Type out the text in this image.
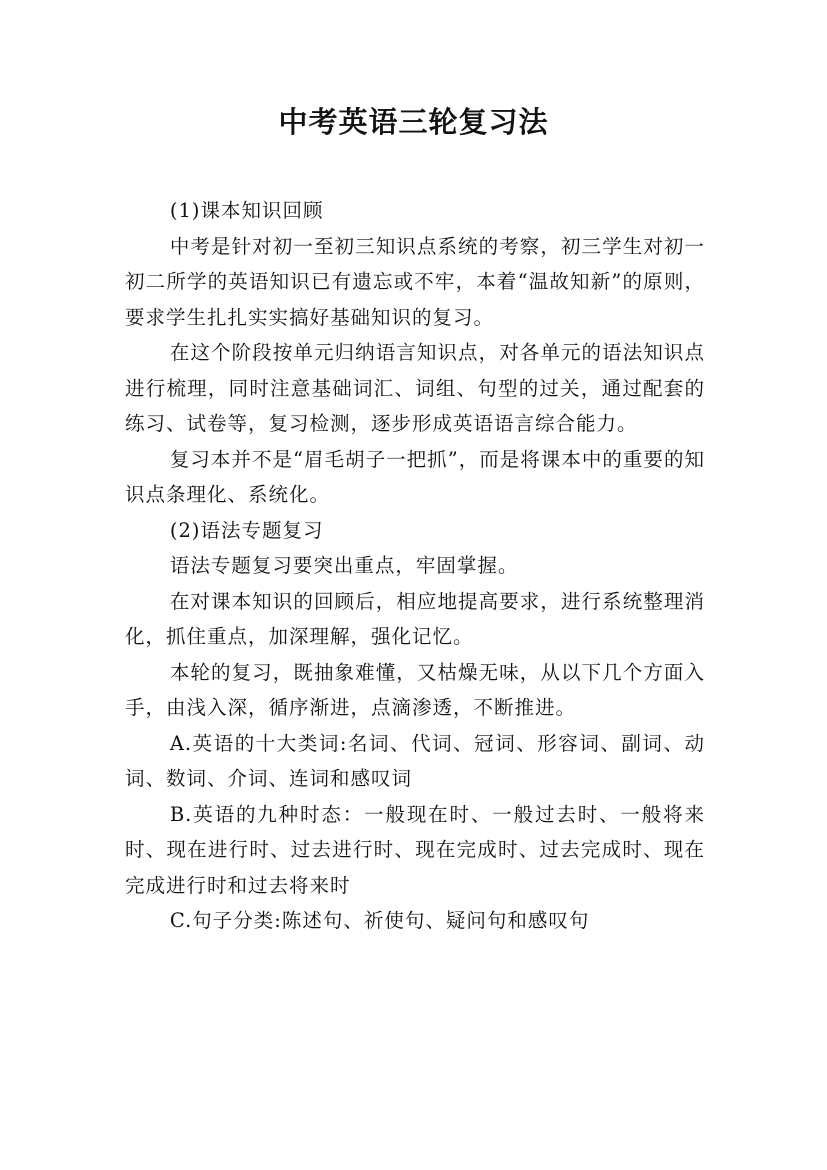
中考英语三轮复习法

(1)课本知识回顾

中考是针对初一至初三知识点系统的考察，初三学生对初一初二所学的英语知识已有遗忘或不牢，本着“温故知新”的原则，要求学生扎扎实实搞好基础知识的复习。

在这个阶段按单元归纳语言知识点，对各单元的语法知识点进行梳理，同时注意基础词汇、词组、句型的过关，通过配套的练习、试卷等，复习检测，逐步形成英语语言综合能力。

复习本并不是“眉毛胡子一把抓”，而是将课本中的重要的知识点条理化、系统化。

(2)语法专题复习

语法专题复习要突出重点，牢固掌握。

在对课本知识的回顾后，相应地提高要求，进行系统整理消化，抓住重点，加深理解，强化记忆。

本轮的复习，既抽象难懂，又枯燥无味，从以下几个方面入手，由浅入深，循序渐进，点滴渗透，不断推进。

A.英语的十大类词:名词、代词、冠词、形容词、副词、动词、数词、介词、连词和感叹词

B.英语的九种时态：一般现在时、一般过去时、一般将来时、现在进行时、过去进行时、现在完成时、过去完成时、现在完成进行时和过去将来时

C.句子分类:陈述句、祈使句、疑问句和感叹句
